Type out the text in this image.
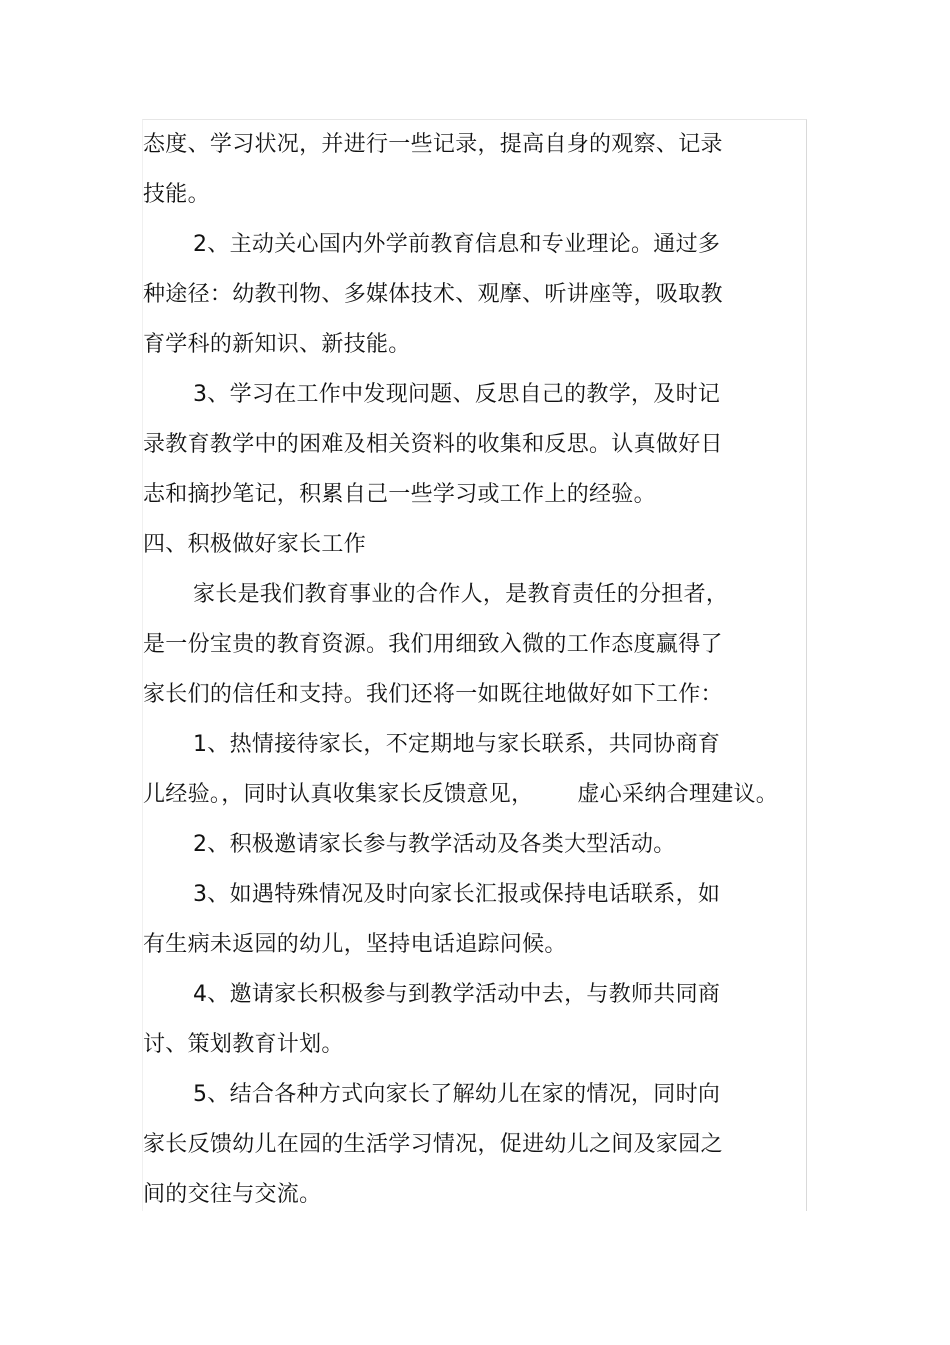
态度、学习状况，并进行一些记录，提高自身的观察、记录
技能。
2、主动关心国内外学前教育信息和专业理论。通过多
种途径：幼教刊物、多媒体技术、观摩、听讲座等，吸取教
育学科的新知识、新技能。
3、学习在工作中发现问题、反思自己的教学，及时记
录教育教学中的困难及相关资料的收集和反思。认真做好日
志和摘抄笔记，积累自己一些学习或工作上的经验。
四、积极做好家长工作
家长是我们教育事业的合作人，是教育责任的分担者，
是一份宝贵的教育资源。我们用细致入微的工作态度赢得了
家长们的信任和支持。我们还将一如既往地做好如下工作：
1、热情接待家长，不定期地与家长联系，共同协商育
儿经验。，同时认真收集家长反馈意见， 虚心采纳合理建议。
2、积极邀请家长参与教学活动及各类大型活动。
3、如遇特殊情况及时向家长汇报或保持电话联系，如
有生病未返园的幼儿，坚持电话追踪问候。
4、邀请家长积极参与到教学活动中去，与教师共同商
讨、策划教育计划。
5、结合各种方式向家长了解幼儿在家的情况，同时向
家长反馈幼儿在园的生活学习情况，促进幼儿之间及家园之
间的交往与交流。
